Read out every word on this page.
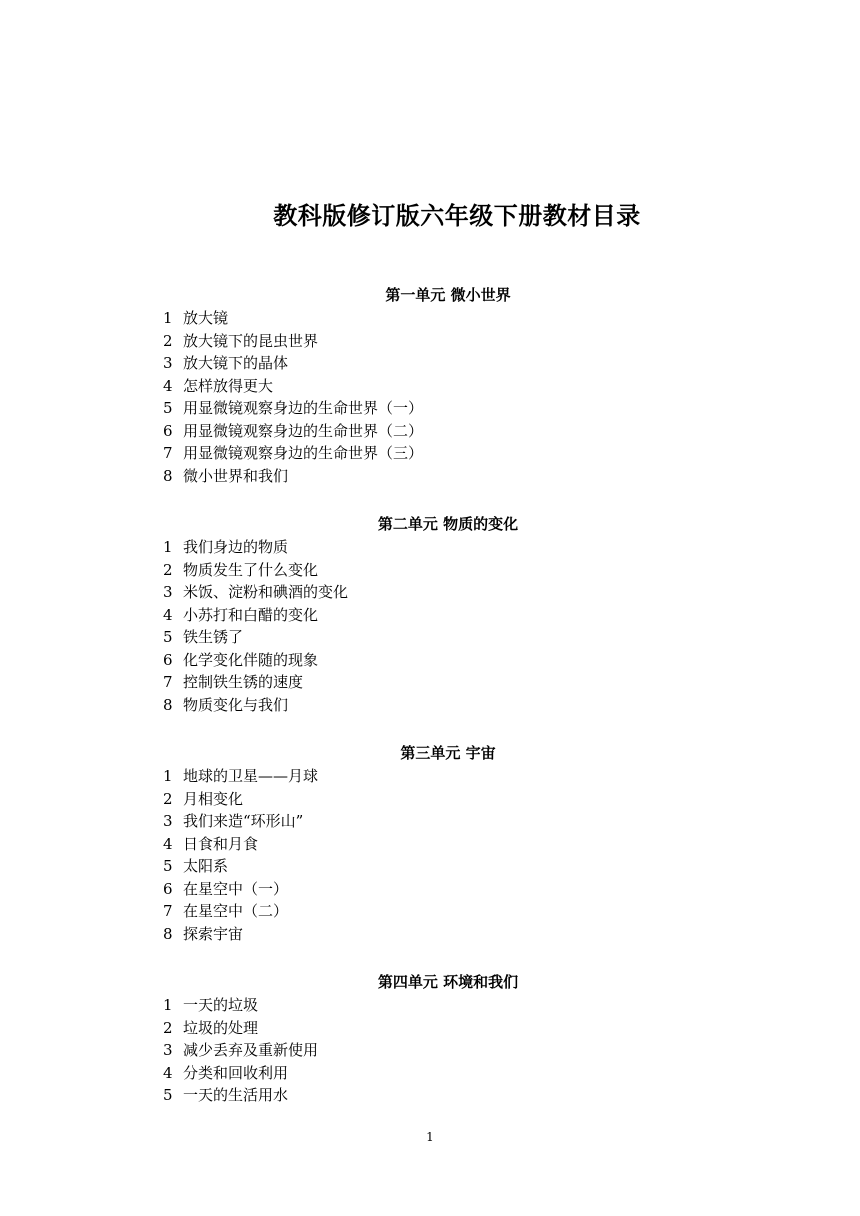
教科版修订版六年级下册教材目录
第一单元 微小世界
1 放大镜
2 放大镜下的昆虫世界
3 放大镜下的晶体
4 怎样放得更大
5 用显微镜观察身边的生命世界（一）
6 用显微镜观察身边的生命世界（二）
7 用显微镜观察身边的生命世界（三）
8 微小世界和我们
第二单元 物质的变化
1 我们身边的物质
2 物质发生了什么变化
3 米饭、淀粉和碘酒的变化
4 小苏打和白醋的变化
5 铁生锈了
6 化学变化伴随的现象
7 控制铁生锈的速度
8 物质变化与我们
第三单元 宇宙
1 地球的卫星——月球
2 月相变化
3 我们来造“环形山”
4 日食和月食
5 太阳系
6 在星空中（一）
7 在星空中（二）
8 探索宇宙
第四单元 环境和我们
1 一天的垃圾
2 垃圾的处理
3 减少丢弃及重新使用
4 分类和回收利用
5 一天的生活用水
1
